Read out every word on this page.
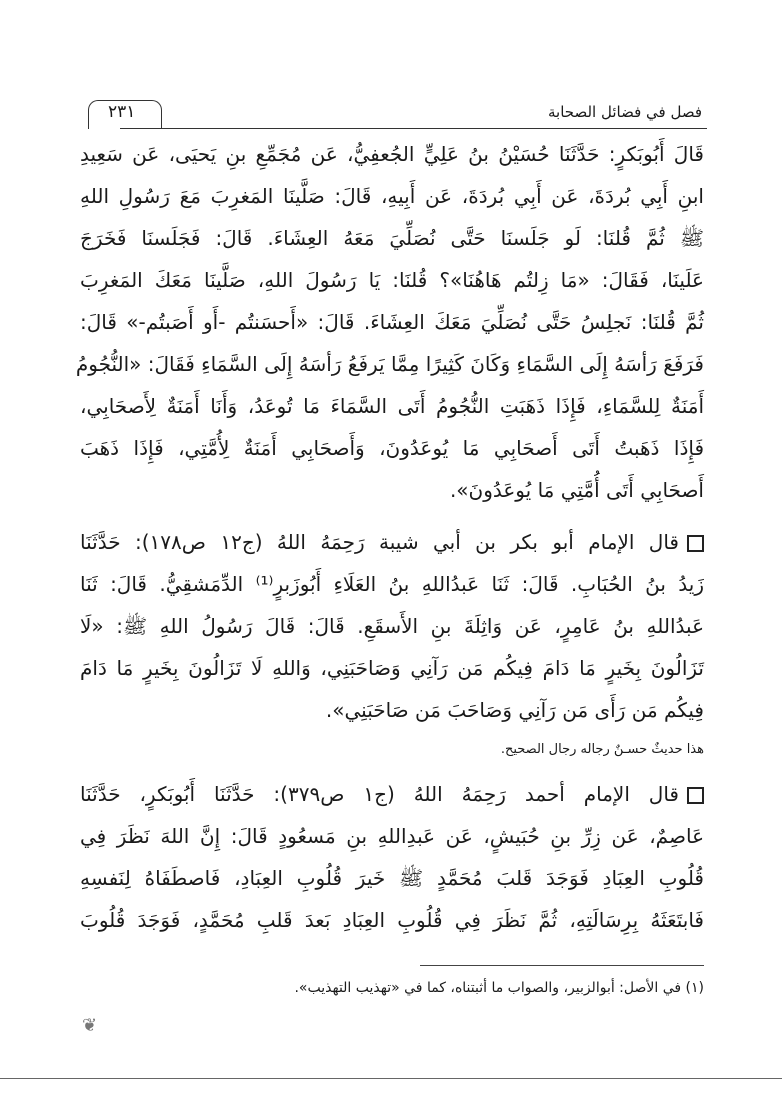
٢٣١	فصل في فضائل الصحابة
قَالَ أَبُوبَكرٍ: حَدَّثَنَا حُسَيْنُ بنُ عَلِيٍّ الجُعفِيُّ، عَن مُجَمِّعِ بنِ يَحيَى، عَن سَعِيدِ
ابنِ أَبِي بُردَةَ، عَن أَبِي بُردَةَ، عَن أَبِيهِ، قَالَ: صَلَّينَا المَغرِبَ مَعَ رَسُولِ اللهِ
ﷺ ثُمَّ قُلنَا: لَو جَلَسنَا حَتَّى نُصَلِّيَ مَعَهُ العِشَاءَ. قَالَ: فَجَلَسنَا فَخَرَجَ
عَلَينَا، فَقَالَ: «مَا زِلتُم هَاهُنَا»؟ قُلنَا: يَا رَسُولَ اللهِ، صَلَّينَا مَعَكَ المَغرِبَ
ثُمَّ قُلنَا: نَجلِسُ حَتَّى نُصَلِّيَ مَعَكَ العِشَاءَ. قَالَ: «أَحسَنتُم -أَو أَصَبتُم-» قَالَ:
فَرَفَعَ رَأسَهُ إِلَى السَّمَاءِ وَكَانَ كَثِيرًا مِمَّا يَرفَعُ رَأسَهُ إِلَى السَّمَاءِ فَقَالَ: «النُّجُومُ
أَمَنَةٌ لِلسَّمَاءِ، فَإِذَا ذَهَبَتِ النُّجُومُ أَتَى السَّمَاءَ مَا تُوعَدُ، وَأَنَا أَمَنَةٌ لِأَصحَابِي،
فَإِذَا ذَهَبتُ أَتَى أَصحَابِي مَا يُوعَدُونَ، وَأَصحَابِي أَمَنَةٌ لِأُمَّتِي، فَإِذَا ذَهَبَ
أَصحَابِي أَتَى أُمَّتِي مَا يُوعَدُونَ».
قال الإمام أبو بكر بن أبي شيبة رَحِمَهُ اللهُ (ج١٢ ص١٧٨): حَدَّثَنَا
زَيدُ بنُ الحُبَابِ. قَالَ: ثَنَا عَبدُاللهِ بنُ العَلَاءِ أَبُوزَبرٍ⁽¹⁾ الدِّمَشقِيُّ. قَالَ: ثَنَا
عَبدُاللهِ بنُ عَامِرٍ، عَن وَاثِلَةَ بنِ الأَسقَعِ. قَالَ: قَالَ رَسُولُ اللهِ ﷺ: «لَا
تَزَالُونَ بِخَيرٍ مَا دَامَ فِيكُم مَن رَآنِي وَصَاحَبَنِي، وَاللهِ لَا تَزَالُونَ بِخَيرٍ مَا دَامَ
فِيكُم مَن رَأَى مَن رَآنِي وَصَاحَبَ مَن صَاحَبَنِي».
هذا حديثٌ حسـنٌ رجاله رجال الصحيح.
قال الإمام أحمد رَحِمَهُ اللهُ (ج١ ص٣٧٩): حَدَّثَنَا أَبُوبَكرٍ، حَدَّثَنَا
عَاصِمٌ، عَن زِرِّ بنِ حُبَيشٍ، عَن عَبدِاللهِ بنِ مَسعُودٍ قَالَ: إِنَّ اللهَ نَظَرَ فِي
قُلُوبِ العِبَادِ فَوَجَدَ قَلبَ مُحَمَّدٍ ﷺ خَيرَ قُلُوبِ العِبَادِ، فَاصطَفَاهُ لِنَفسِهِ
فَابتَعَثَهُ بِرِسَالَتِهِ، ثُمَّ نَظَرَ فِي قُلُوبِ العِبَادِ بَعدَ قَلبِ مُحَمَّدٍ، فَوَجَدَ قُلُوبَ
(١) في الأصل: أبوالزبير، والصواب ما أثبتناه، كما في «تهذيب التهذيب».
❦
